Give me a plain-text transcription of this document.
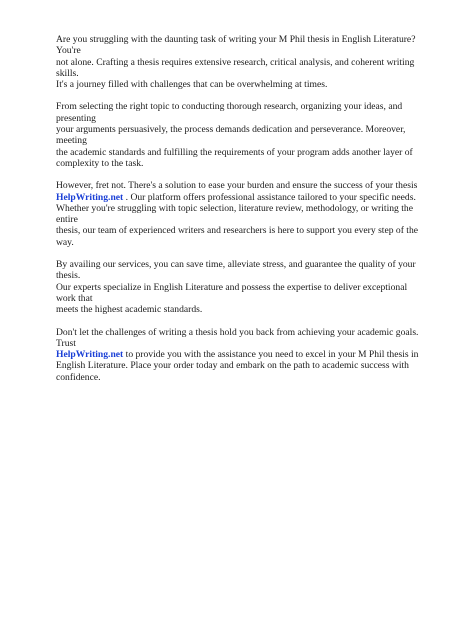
Are you struggling with the daunting task of writing your M Phil thesis in English Literature? You're
not alone. Crafting a thesis requires extensive research, critical analysis, and coherent writing skills.
It's a journey filled with challenges that can be overwhelming at times.

From selecting the right topic to conducting thorough research, organizing your ideas, and presenting
your arguments persuasively, the process demands dedication and perseverance. Moreover, meeting
the academic standards and fulfilling the requirements of your program adds another layer of
complexity to the task.

However, fret not. There's a solution to ease your burden and ensure the success of your thesis
HelpWriting.net . Our platform offers professional assistance tailored to your specific needs.
Whether you're struggling with topic selection, literature review, methodology, or writing the entire
thesis, our team of experienced writers and researchers is here to support you every step of the way.

By availing our services, you can save time, alleviate stress, and guarantee the quality of your thesis.
Our experts specialize in English Literature and possess the expertise to deliver exceptional work that
meets the highest academic standards.

Don't let the challenges of writing a thesis hold you back from achieving your academic goals. Trust
HelpWriting.net to provide you with the assistance you need to excel in your M Phil thesis in
English Literature. Place your order today and embark on the path to academic success with
confidence.
